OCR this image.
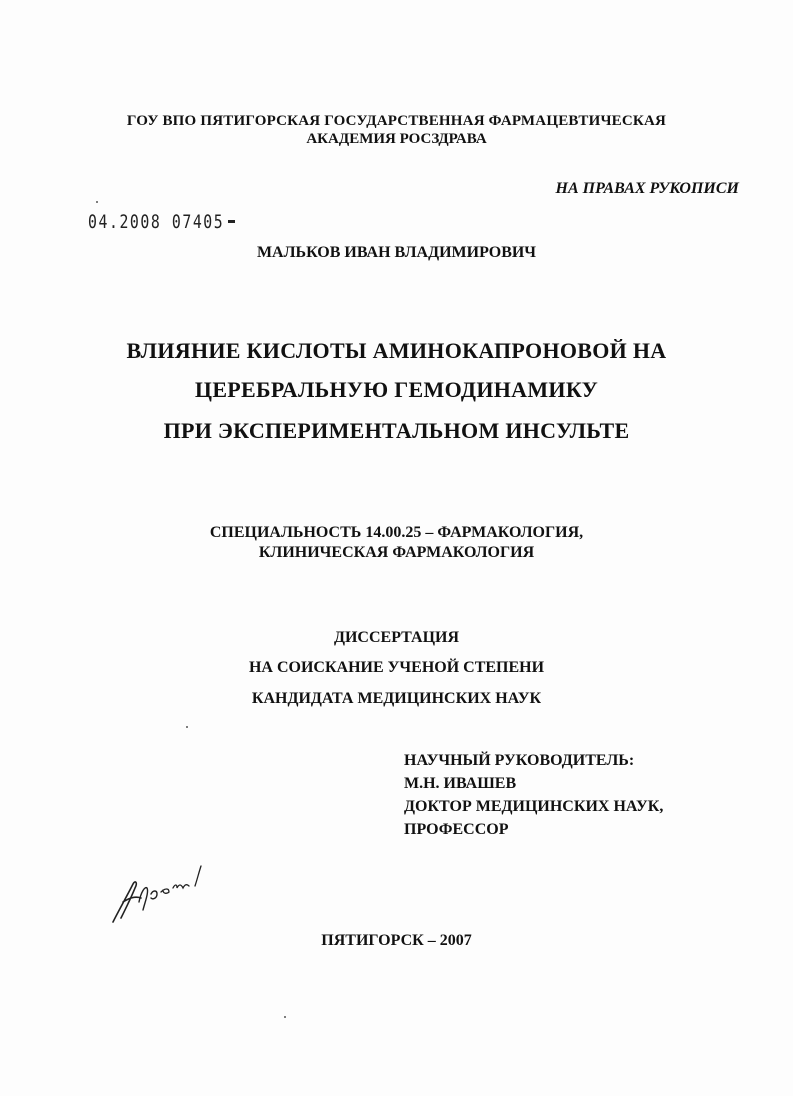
ГОУ ВПО ПЯТИГОРСКАЯ ГОСУДАРСТВЕННАЯ ФАРМАЦЕВТИЧЕСКАЯ
АКАДЕМИЯ РОСЗДРАВА
НА ПРАВАХ РУКОПИСИ
04.2008 07405
МАЛЬКОВ ИВАН ВЛАДИМИРОВИЧ
ВЛИЯНИЕ КИСЛОТЫ АМИНОКАПРОНОВОЙ НА
ЦЕРЕБРАЛЬНУЮ ГЕМОДИНАМИКУ
ПРИ ЭКСПЕРИМЕНТАЛЬНОМ ИНСУЛЬТЕ
СПЕЦИАЛЬНОСТЬ 14.00.25 – ФАРМАКОЛОГИЯ,
КЛИНИЧЕСКАЯ ФАРМАКОЛОГИЯ
ДИССЕРТАЦИЯ
НА СОИСКАНИЕ УЧЕНОЙ СТЕПЕНИ
КАНДИДАТА МЕДИЦИНСКИХ НАУК
НАУЧНЫЙ РУКОВОДИТЕЛЬ:
М.Н. ИВАШЕВ
ДОКТОР МЕДИЦИНСКИХ НАУК,
ПРОФЕССОР
ПЯТИГОРСК – 2007
